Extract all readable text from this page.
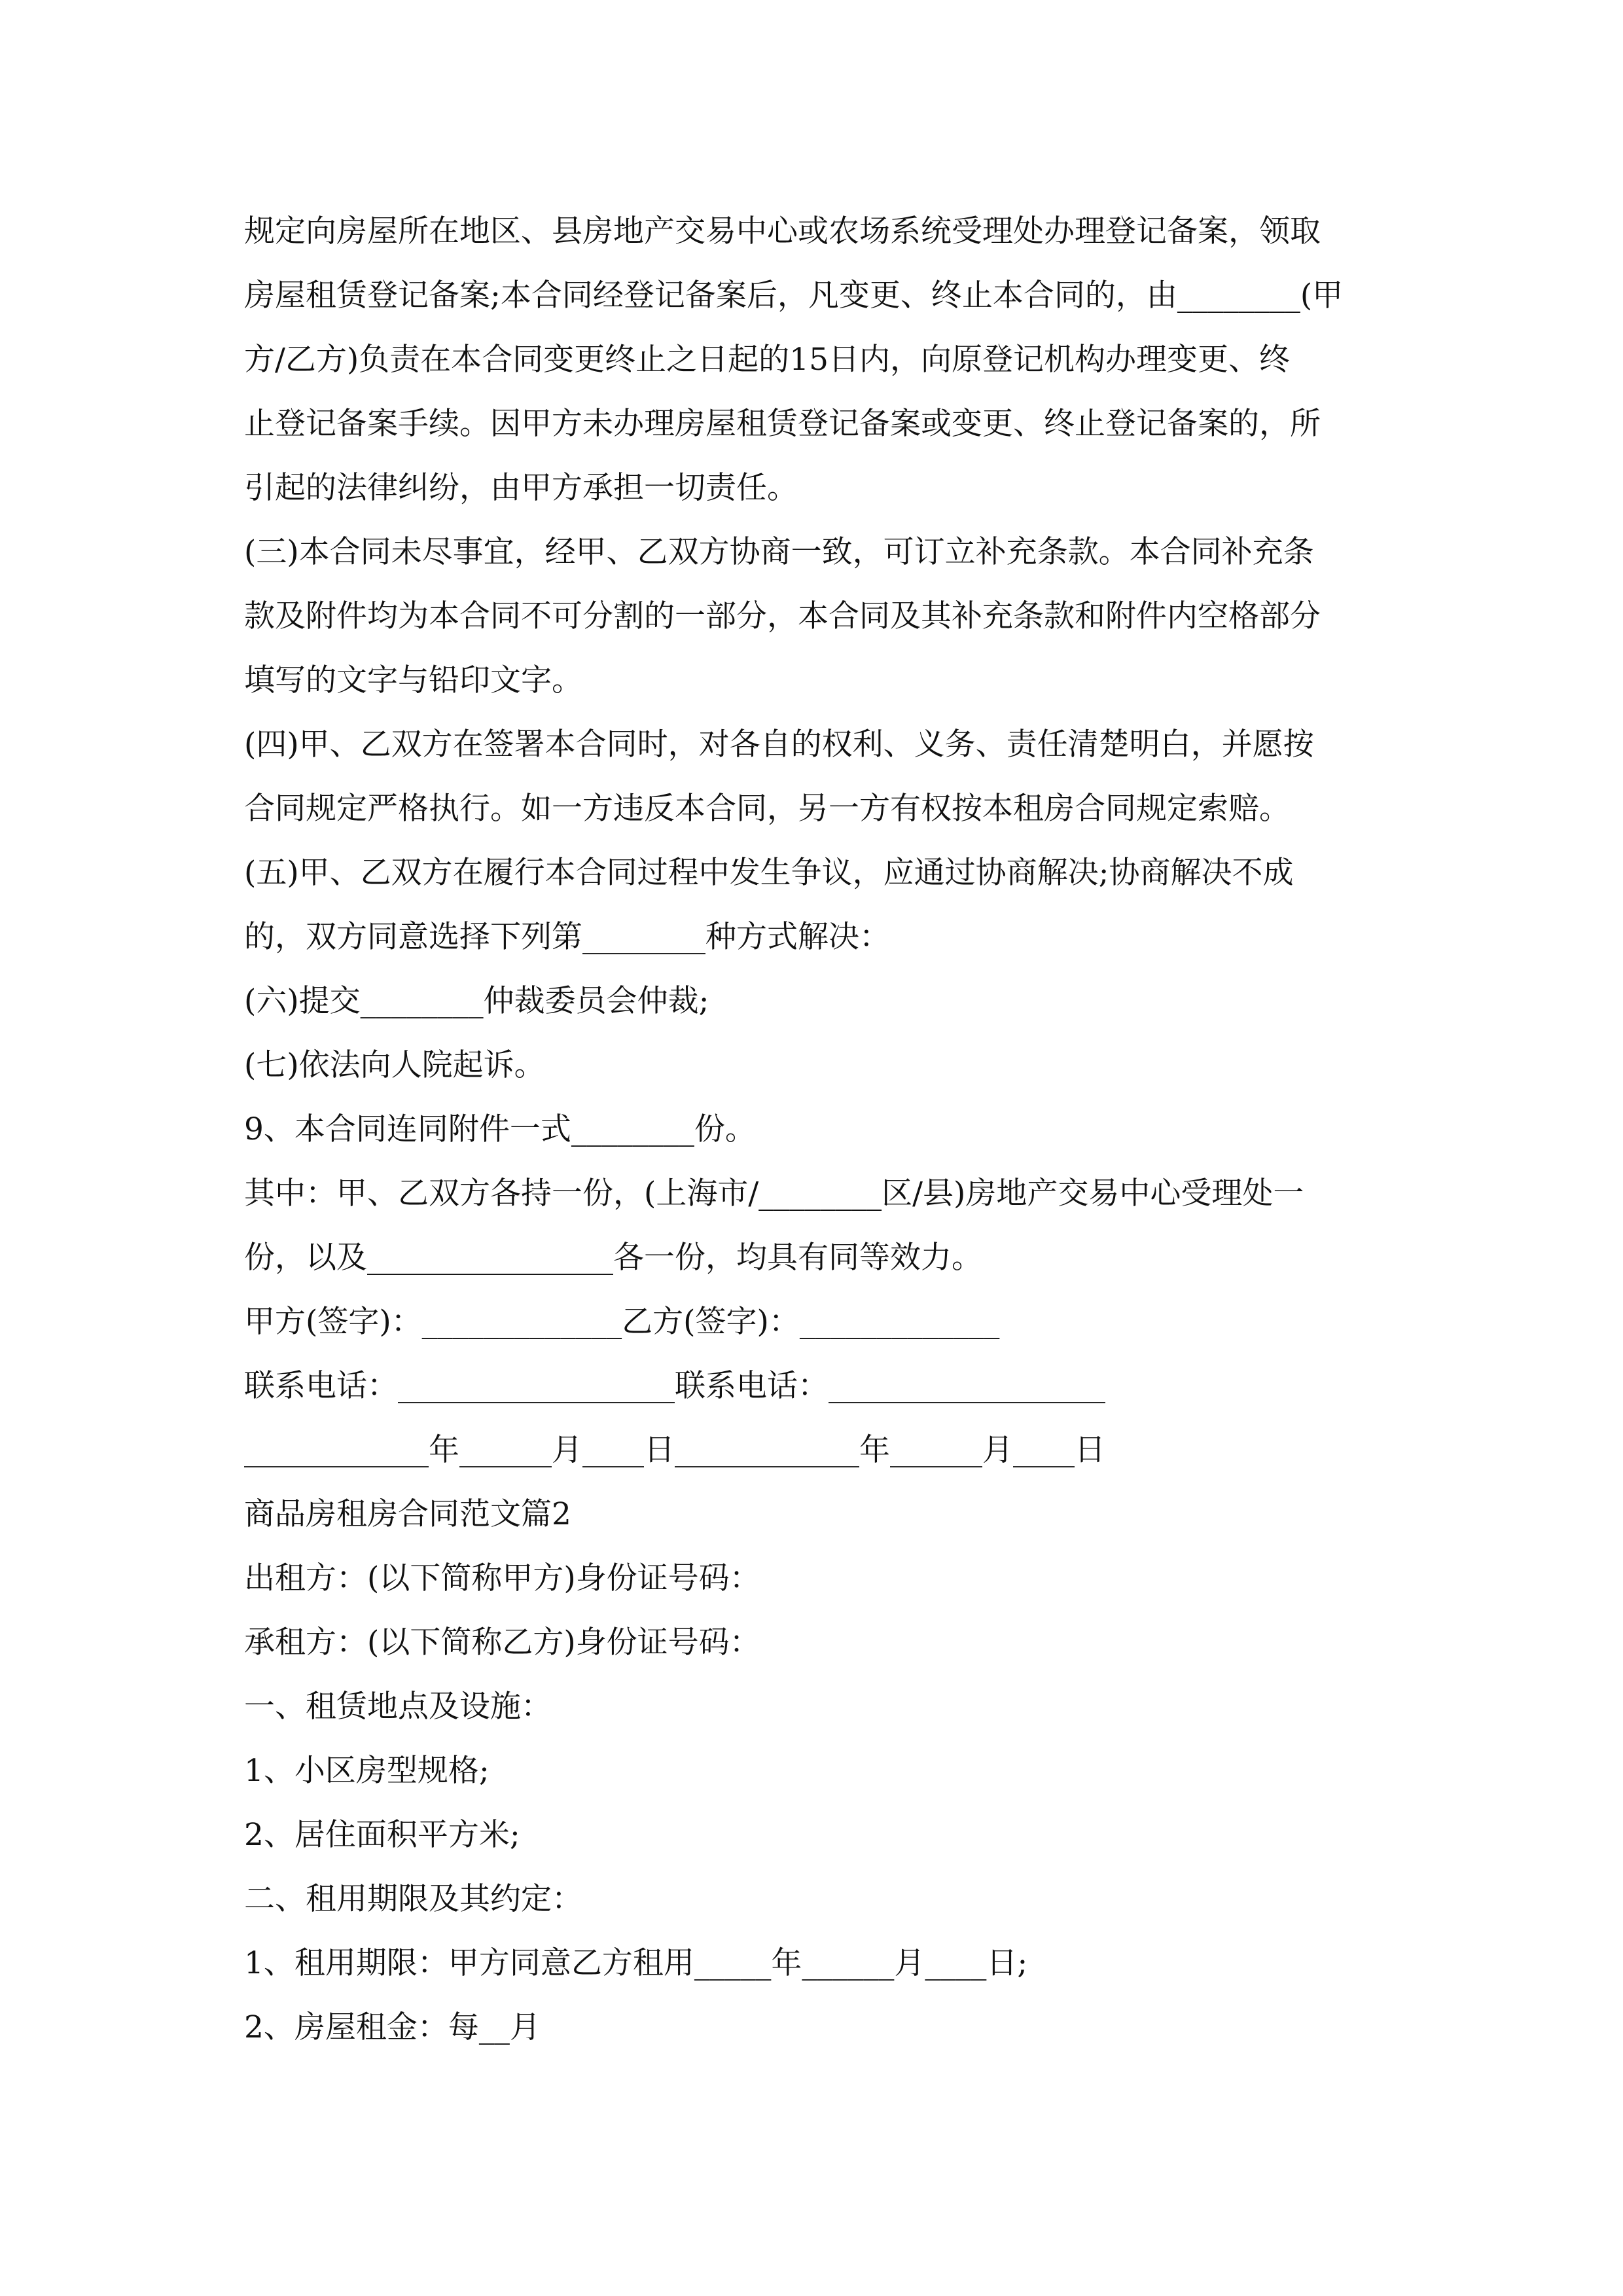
规定向房屋所在地区、县房地产交易中心或农场系统受理处办理登记备案，领取
房屋租赁登记备案;本合同经登记备案后，凡变更、终止本合同的，由________(甲
方/乙方)负责在本合同变更终止之日起的15日内，向原登记机构办理变更、终
止登记备案手续。因甲方未办理房屋租赁登记备案或变更、终止登记备案的，所
引起的法律纠纷，由甲方承担一切责任。
(三)本合同未尽事宜，经甲、乙双方协商一致，可订立补充条款。本合同补充条
款及附件均为本合同不可分割的一部分，本合同及其补充条款和附件内空格部分
填写的文字与铅印文字。
(四)甲、乙双方在签署本合同时，对各自的权利、义务、责任清楚明白，并愿按
合同规定严格执行。如一方违反本合同，另一方有权按本租房合同规定索赔。
(五)甲、乙双方在履行本合同过程中发生争议，应通过协商解决;协商解决不成
的，双方同意选择下列第________种方式解决：
(六)提交________仲裁委员会仲裁;
(七)依法向人院起诉。
9、本合同连同附件一式________份。
其中：甲、乙双方各持一份，(上海市/________区/县)房地产交易中心受理处一
份，以及________________各一份，均具有同等效力。
甲方(签字)：_____________乙方(签字)：_____________
联系电话：__________________联系电话：__________________
____________年______月____日____________年______月____日
商品房租房合同范文篇2
出租方：(以下简称甲方)身份证号码：
承租方：(以下简称乙方)身份证号码：
一、租赁地点及设施：
1、小区房型规格;
2、居住面积平方米;
二、租用期限及其约定：
1、租用期限：甲方同意乙方租用_____年______月____日;
2、房屋租金：每__月
